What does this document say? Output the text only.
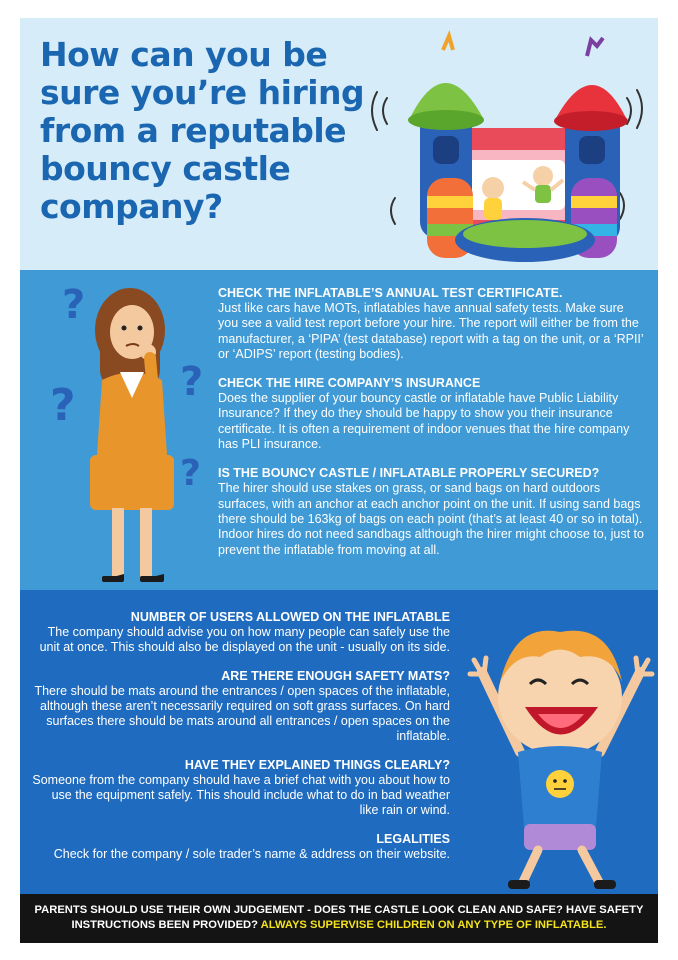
How can you be sure you’re hiring from a reputable bouncy castle company?
?
?	?
?

CHECK THE INFLATABLE’S ANNUAL TEST CERTIFICATE.

Just like cars have MOTs, inflatables have annual safety tests. Make sure you see a valid test report before your hire. The report will either be from the manufacturer, a ‘PIPA’ (test database) report with a tag on the unit, or a ‘RPII’ or ‘ADIPS’ report (testing bodies).

CHECK THE HIRE COMPANY’S INSURANCE

Does the supplier of your bouncy castle or inflatable have Public Liability Insurance? If they do they should be happy to show you their insurance certificate. It is often a requirement of indoor venues that the hire company has PLI insurance.

IS THE BOUNCY CASTLE / INFLATABLE PROPERLY SECURED?

The hirer should use stakes on grass, or sand bags on hard outdoors surfaces, with an anchor at each anchor point on the unit. If using sand bags there should be 163kg of bags on each point (that’s at least 40 or so in total). Indoor hires do not need sandbags although the hirer might choose to, just to prevent the inflatable from moving at all.

NUMBER OF USERS ALLOWED ON THE INFLATABLE

The company should advise you on how many people can safely use the unit at once. This should also be displayed on the unit - usually on its side.

ARE THERE ENOUGH SAFETY MATS?

There should be mats around the entrances / open spaces of the inflatable, although these aren’t necessarily required on soft grass surfaces. On hard surfaces there should be mats around all entrances / open spaces on the inflatable.

HAVE THEY EXPLAINED THINGS CLEARLY?

Someone from the company should have a brief chat with you about how to use the equipment safely. This should include what to do in bad weather like rain or wind.

LEGALITIES

Check for the company / sole trader’s name & address on their website.

PARENTS SHOULD USE THEIR OWN JUDGEMENT - DOES THE CASTLE LOOK CLEAN AND SAFE? HAVE SAFETY INSTRUCTIONS BEEN PROVIDED? ALWAYS SUPERVISE CHILDREN ON ANY TYPE OF INFLATABLE.
